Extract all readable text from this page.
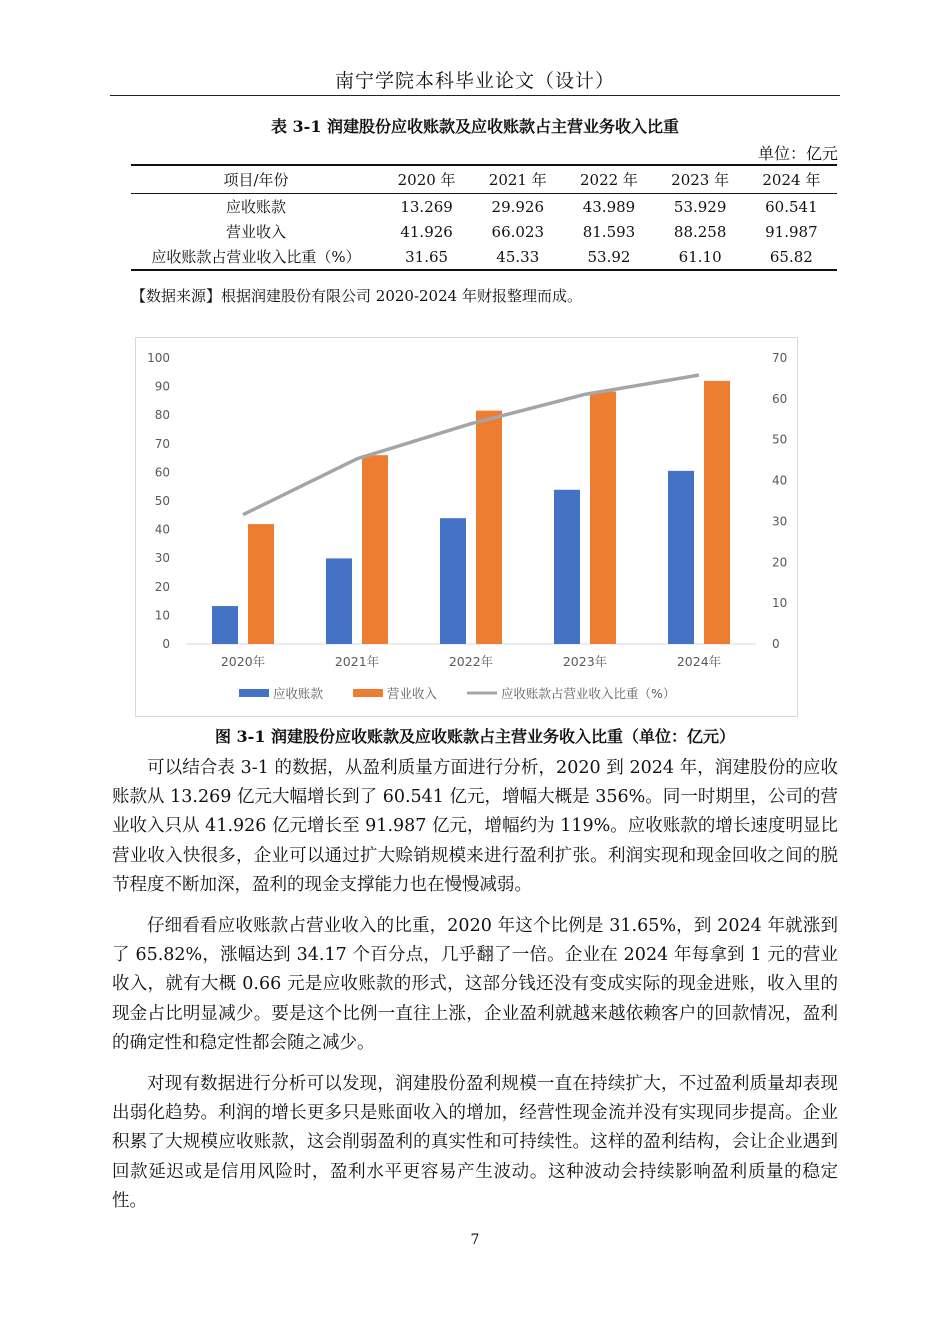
南宁学院本科毕业论文（设计）
表 3-1 润建股份应收账款及应收账款占主营业务收入比重
单位：亿元
项目/年份	2020 年	2021 年	2022 年	2023 年	2024 年
应收账款	13.269	29.926	43.989	53.929	60.541
营业收入	41.926	66.023	81.593	88.258	91.987
应收账款占营业收入比重（%）	31.65	45.33	53.92	61.10	65.82
【数据来源】根据润建股份有限公司 2020-2024 年财报整理而成。
0
10
20
30
40
50
60
70
80
90
100
0
10
20
30
40
50
60
70
2020年	2021年	2022年	2023年	2024年
应收账款	营业收入	应收账款占营业收入比重（%）
图 3-1 润建股份应收账款及应收账款占主营业务收入比重（单位：亿元）

可以结合表 3-1 的数据，从盈利质量方面进行分析，2020 到 2024 年，润建股份的应收账款从 13.269 亿元大幅增长到了 60.541 亿元，增幅大概是 356%。同一时期里，公司的营业收入只从 41.926 亿元增长至 91.987 亿元，增幅约为 119%。应收账款的增长速度明显比营业收入快很多，企业可以通过扩大赊销规模来进行盈利扩张。利润实现和现金回收之间的脱节程度不断加深，盈利的现金支撑能力也在慢慢减弱。

仔细看看应收账款占营业收入的比重，2020 年这个比例是 31.65%，到 2024 年就涨到了 65.82%，涨幅达到 34.17 个百分点，几乎翻了一倍。企业在 2024 年每拿到 1 元的营业收入，就有大概 0.66 元是应收账款的形式，这部分钱还没有变成实际的现金进账，收入里的现金占比明显减少。要是这个比例一直往上涨，企业盈利就越来越依赖客户的回款情况，盈利的确定性和稳定性都会随之减少。

对现有数据进行分析可以发现，润建股份盈利规模一直在持续扩大，不过盈利质量却表现出弱化趋势。利润的增长更多只是账面收入的增加，经营性现金流并没有实现同步提高。企业积累了大规模应收账款，这会削弱盈利的真实性和可持续性。这样的盈利结构，会让企业遇到回款延迟或是信用风险时，盈利水平更容易产生波动。这种波动会持续影响盈利质量的稳定性。

7
